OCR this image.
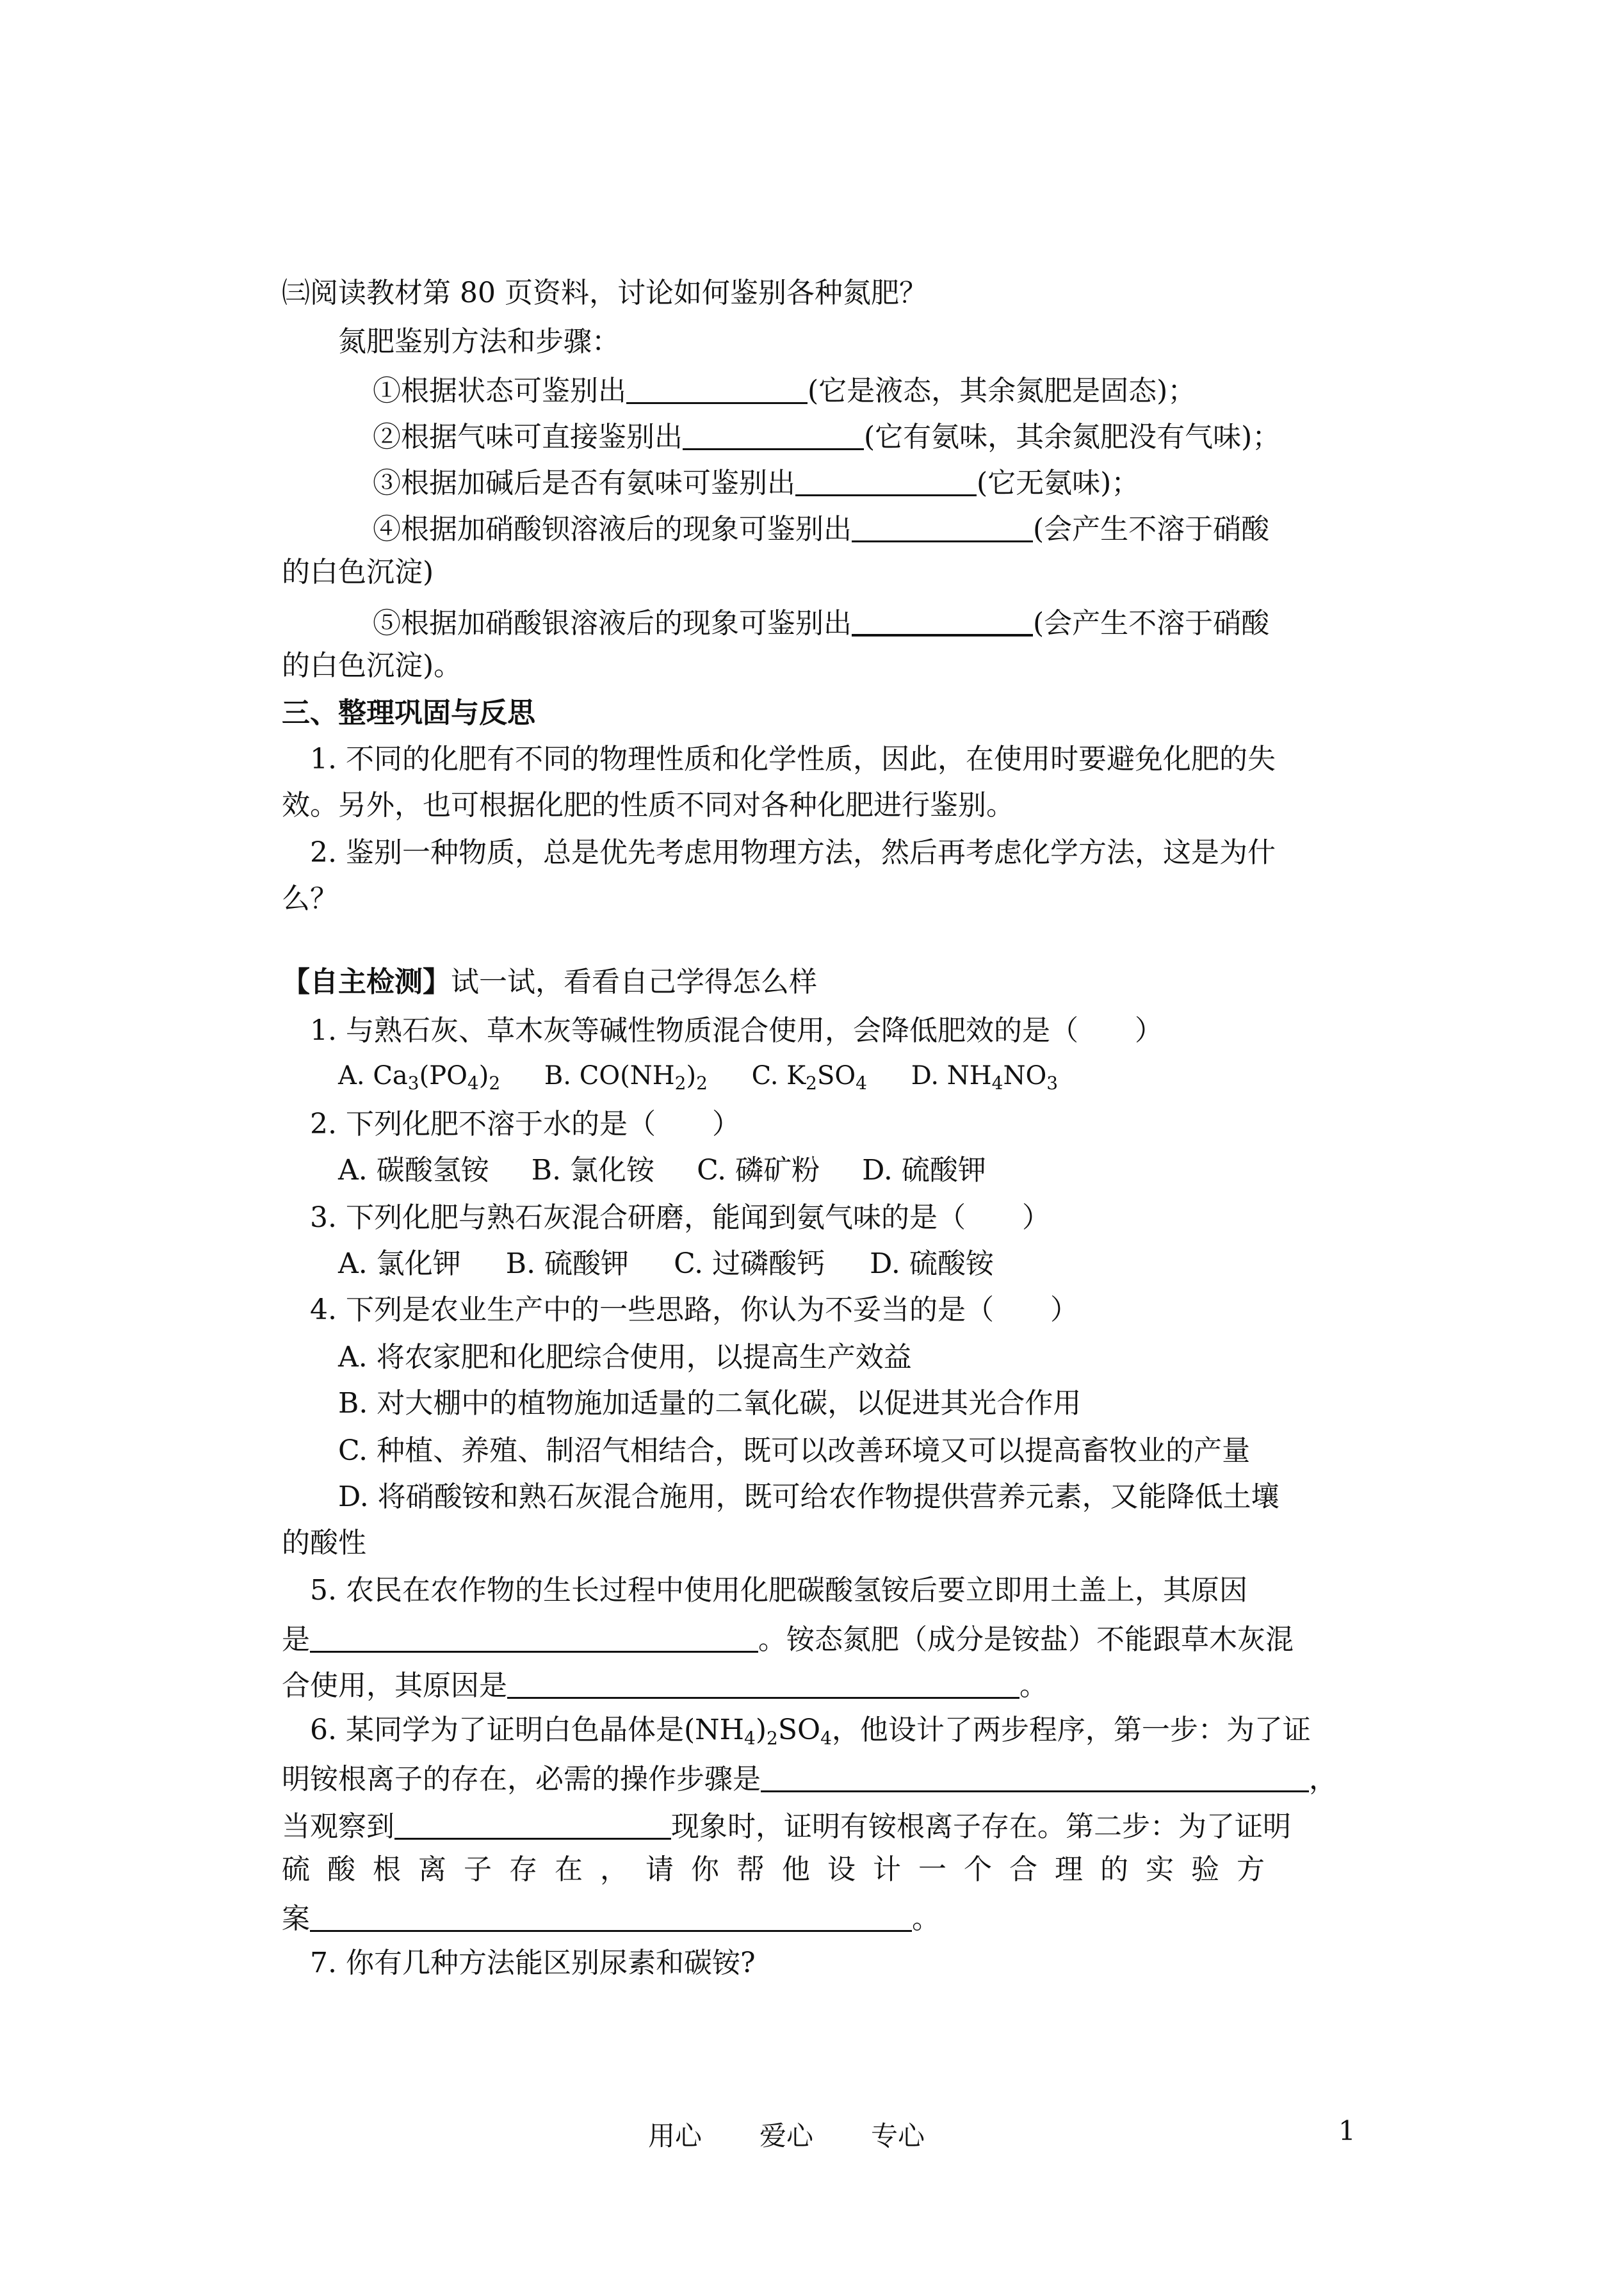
㈢阅读教材第 80 页资料，讨论如何鉴别各种氮肥？
氮肥鉴别方法和步骤：
①根据状态可鉴别出	(它是液态，其余氮肥是固态)；
②根据气味可直接鉴别出	(它有氨味，其余氮肥没有气味)；
③根据加碱后是否有氨味可鉴别出	(它无氨味)；
④根据加硝酸钡溶液后的现象可鉴别出	(会产生不溶于硝酸
的白色沉淀)
⑤根据加硝酸银溶液后的现象可鉴别出	(会产生不溶于硝酸
的白色沉淀)。
三、整理巩固与反思
1. 不同的化肥有不同的物理性质和化学性质，因此，在使用时要避免化肥的失
效。另外，也可根据化肥的性质不同对各种化肥进行鉴别。
2. 鉴别一种物质，总是优先考虑用物理方法，然后再考虑化学方法，这是为什
么？
【自主检测】试一试，看看自己学得怎么样
1. 与熟石灰、草木灰等碱性物质混合使用，会降低肥效的是（　　）
A. $Ca_3(PO_4)_2$ B. $CO(NH_2)_2$ C. $K_2SO_4$ D. $NH_4NO_3$
2. 下列化肥不溶于水的是（　　）
A. 碳酸氢铵 B. 氯化铵 C. 磷矿粉 D. 硫酸钾
3. 下列化肥与熟石灰混合研磨，能闻到氨气味的是（　　）
A. 氯化钾 B. 硫酸钾 C. 过磷酸钙 D. 硫酸铵
4. 下列是农业生产中的一些思路，你认为不妥当的是（　　）
A. 将农家肥和化肥综合使用，以提高生产效益
B. 对大棚中的植物施加适量的二氧化碳，以促进其光合作用
C. 种植、养殖、制沼气相结合，既可以改善环境又可以提高畜牧业的产量
D. 将硝酸铵和熟石灰混合施用，既可给农作物提供营养元素，又能降低土壤
的酸性
5. 农民在农作物的生长过程中使用化肥碳酸氢铵后要立即用土盖上，其原因
是	。铵态氮肥（成分是铵盐）不能跟草木灰混
合使用，其原因是	。
6. 某同学为了证明白色晶体是$(NH_4)_2SO_4$，他设计了两步程序，第一步：为了证
明铵根离子的存在，必需的操作步骤是	，
当观察到	现象时，证明有铵根离子存在。第二步：为了证明
硫酸根离子存在，请你帮他设计一个合理的实验方
案	。
7. 你有几种方法能区别尿素和碳铵?
用心 爱心 专心	1
